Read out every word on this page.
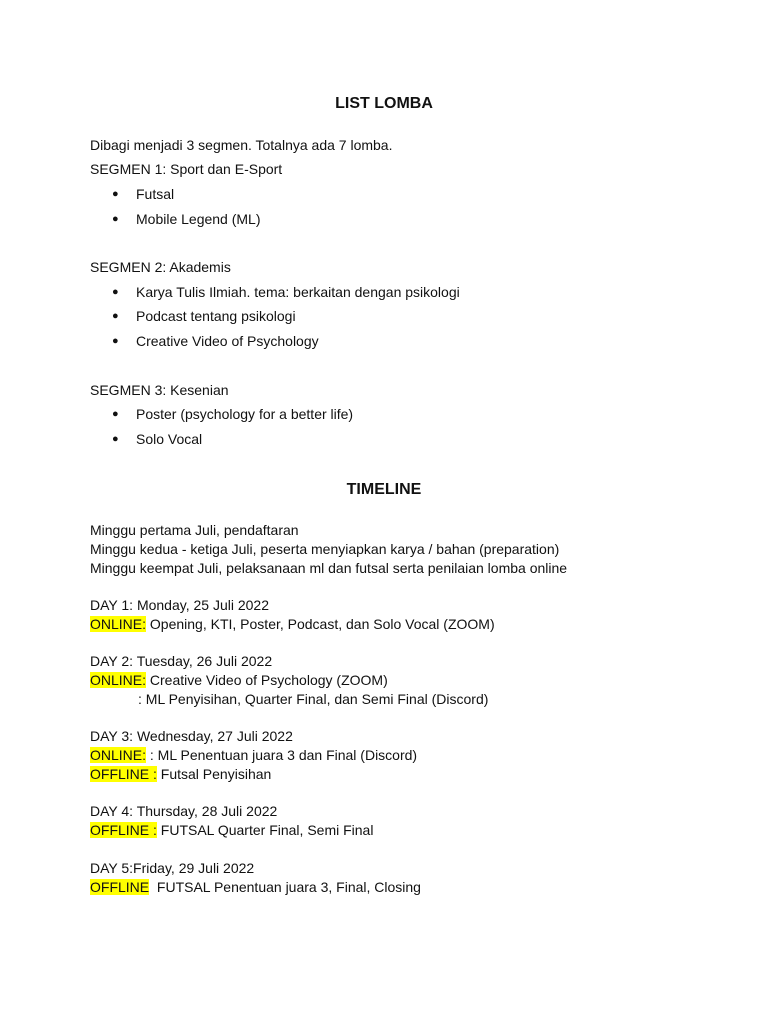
LIST LOMBA
Dibagi menjadi 3 segmen. Totalnya ada 7 lomba.
SEGMEN 1: Sport dan E-Sport
● Futsal
● Mobile Legend (ML)
SEGMEN 2: Akademis
● Karya Tulis Ilmiah. tema: berkaitan dengan psikologi
● Podcast tentang psikologi
● Creative Video of Psychology
SEGMEN 3: Kesenian
● Poster (psychology for a better life)
● Solo Vocal
TIMELINE
Minggu pertama Juli, pendaftaran
Minggu kedua - ketiga Juli, peserta menyiapkan karya / bahan (preparation)
Minggu keempat Juli, pelaksanaan ml dan futsal serta penilaian lomba online
DAY 1: Monday, 25 Juli 2022
ONLINE: Opening, KTI, Poster, Podcast, dan Solo Vocal (ZOOM)
DAY 2: Tuesday, 26 Juli 2022
ONLINE: Creative Video of Psychology (ZOOM)
: ML Penyisihan, Quarter Final, dan Semi Final (Discord)
DAY 3: Wednesday, 27 Juli 2022
ONLINE: : ML Penentuan juara 3 dan Final (Discord)
OFFLINE : Futsal Penyisihan
DAY 4: Thursday, 28 Juli 2022
OFFLINE : FUTSAL Quarter Final, Semi Final
DAY 5:Friday, 29 Juli 2022
OFFLINE  FUTSAL Penentuan juara 3, Final, Closing
